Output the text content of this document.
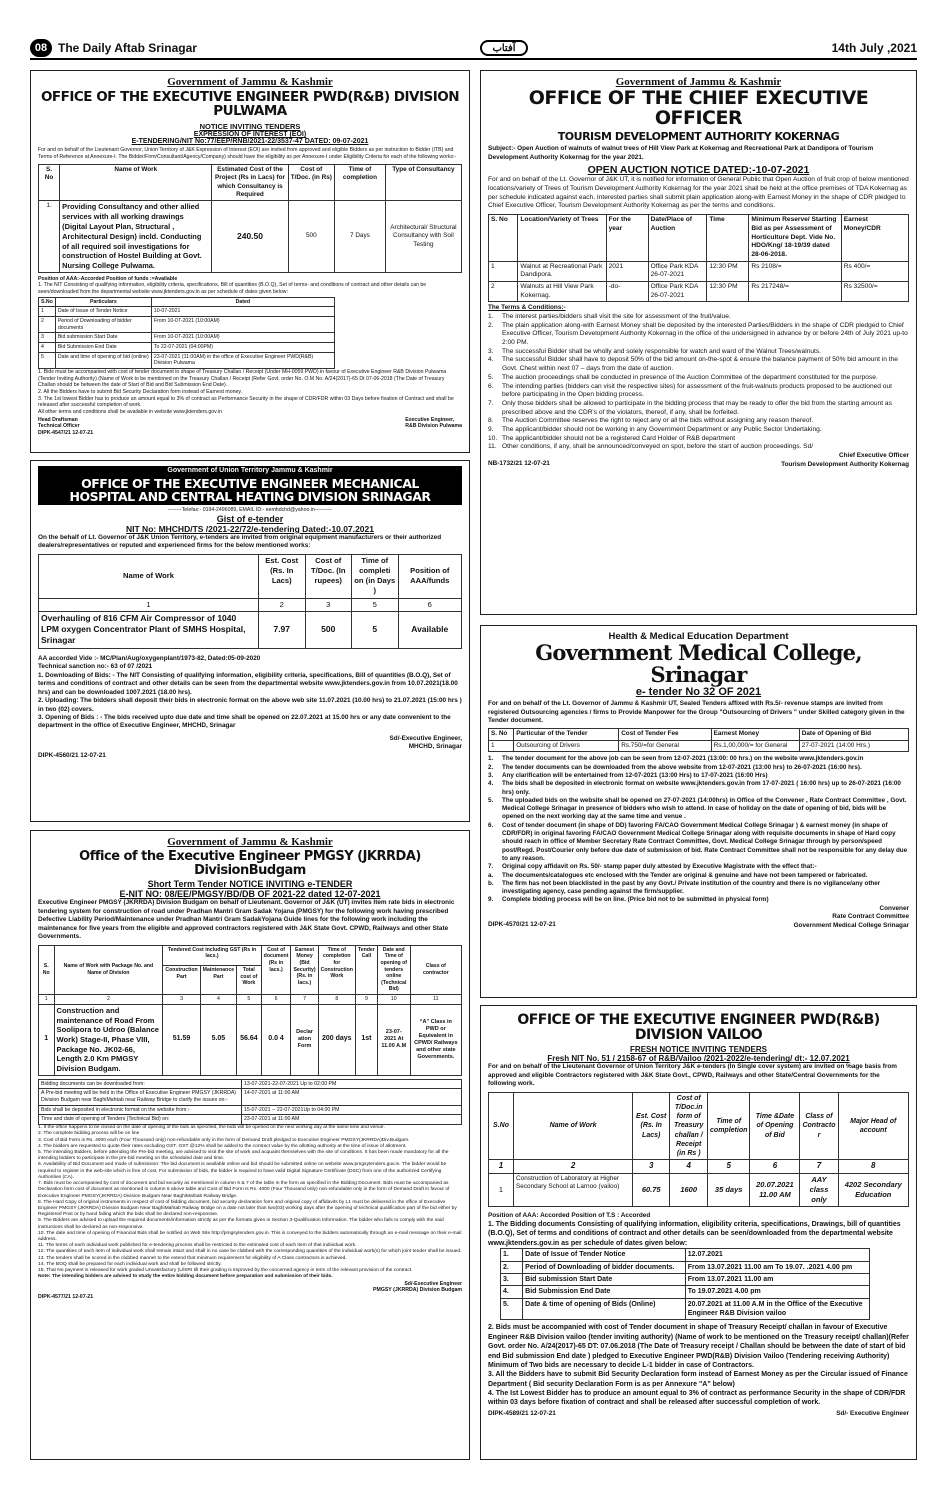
08 The Daily Aftab Srinagar	آفتاب	14th July ,2021
Government of Jammu & Kashmir
OFFICE OF THE EXECUTIVE ENGINEER PWD(R&B) DIVISION PULWAMA
NOTICE INVITING TENDERS
EXPRESSION OF INTEREST (EOI)
E-TENDERING/NIT No:77/EEP/RNB/2021-22/3537-47 DATED: 09-07-2021
For and on behalf of the Lieutenant Governor, Union Territory of J&K Expression of Interest (EOI) are invited from approved and eligible Bidders as per instruction to Bidder (ITB) and Terms of Reference at Annexure-I. The Bidder/Firm/Consultant/Agency/Company) should have the eligibility as per Annexure-I under Eligibility Criteria for each of the following works:-
S. No	Name of Work	Estimated Cost of the Project (Rs in Lacs) for which Consultancy is Required	Cost of T/Doc. (in Rs)	Time of completion	Type of Consultancy
1.	Providing Consultancy and other allied services with all working drawings (Digital Layout Plan, Structural , Architectural Design) incld. Conducting of all required soil investigations for construction of Hostel Building at Govt. Nursing College Pulwama.	240.50	500	7 Days	Architectural/ Structural Consultancy with Soil Testing
Position of AAA:-Accorded Position of funds :=Available
1. The NIT Consisting of qualifying information, eligibility criteria, specifications, Bill of quantities (B.O.Q), Set of terms- and conditions of contract and other details can be seen/downloaded from the departmental website www.jktenders.gov.in as per schedule of dates given below:
S.No	Particulars	Dated
1	Date of Issue of Tender Notice	10-07-2021
2	Period of Downloading of bidder documents	From 10-07-2021 (10:00AM)
3	Bid submission Start Date	From 10-07-2021 (10:00AM)
4	Bid Submission End Date	To 22-07-2021 (04:00PM)
5	Date and time of opening of bid (online)	23-07-2021 (11:00AM) in the office of Executive Engineer PWD(R&B) Division Pulwama
1. Bids must be accompanied with cost of tender document in shape of Treasury Challan / Receipt (Under MH-0059 PWD) in favour of Executive Engineer R&B Division Pulwama (Tender Inviting Authority) (Name of Work to be mentioned on the Treasury Challan / Receipt (Refer Govt. order No. O.M No. A/24(2017)-65 Dt 07-06-2018 (The Date of Treasury Challan should be between the date of Start of Bid and Bid Submission End Date).
2. All the Bidders have to submit Bid Security Declaration form instead of Earnest money.
3. The 1st lowest Bidder has to produce an amount equal to 3% of contract as Performance Security in the shape of CDR/FDR within 03 Days before fixation of Contract and shall be released after successful completion of work.
All other terms and conditions shall be available in website www.jktenders.gov.in
Head Draftsman
Technical Officer
Executive Engineer,
R&B Division Pulwama
DIPK-4547/21 12-07-21
Government of Union Territory Jammu & Kashmir
OFFICE OF THE EXECUTIVE ENGINEER MECHANICAL HOSPITAL AND CENTRAL HEATING DIVISION SRINAGAR
--------Telefax:- 0194-2496089, EMAIL ID:- eemhdchd@yahoo.in----------
Gist of e-tender
NIT No: MHCHD/TS /2021-22/72/e-tendering Dated:-10.07.2021
On the behalf of Lt. Governor of J&K Union Territory, e-tenders are invited from original equipment manufacturers or their authorized dealers/representatives or reputed and experienced firms for the below mentioned works:
Name of Work	Est. Cost (Rs. In Lacs)	Cost of T/Doc. (In rupees)	Time of completi on (in Days )	Position of AAA/funds
1	2	3	5	6
Overhauling of 816 CFM Air Compressor of 1040 LPM oxygen Concentrator Plant of SMHS Hospital, Srinagar	7.97	500	5	Available
AA accorded Vide :- MC/Plan/Aug/oxygenplant/1973-82, Dated:05-09-2020
Technical sanction no:- 63 of 07 /2021
1. Downloading of Bids: - The NIT Consisting of qualifying information, eligibility criteria, specifications, Bill of quantities (B.O.Q), Set of terms and conditions of contract and other details can be seen from the departmental website www.jktenders.gov.in from 10.07.2021(18.00 hrs) and can be downloaded 1007.2021 (18.00 hrs).
2. Uploading: The bidders shall deposit their bids in electronic format on the above web site 11.07.2021 (10.00 hrs) to 21.07.2021 (15:00 hrs ) in two (02) covers.
3. Opening of Bids : - The bids received upto due date and time shall be opened on 22.07.2021 at 15.00 hrs or any date convenient to the department in the office of Executive Engineer, MHCHD, Srinagar
Sd/-Executive Engineer,
MHCHD, Srinagar
DIPK-4560/21 12-07-21
Government of Jammu & Kashmir
Office of the Executive Engineer PMGSY (JKRRDA) DivisionBudgam
Short Term Tender NOTICE INVITING e-TENDER
E-NIT NO: 08/EE/PMGSY/BD/DB OF 2021-22 dated 12-07-2021
Executive Engineer PMGSY (JKRRDA) Division Budgam on behalf of Lieutenant. Governor of J&K (UT) invites Item rate bids in electronic tendering system for construction of road under Pradhan Mantri Gram Sadak Yojana (PMGSY) for the following work having prescribed Defective Liability Period/Maintenance under Pradhan Mantri Gram SadakYojana Guide lines for the following work including the maintenance for five years from the eligible and approved contractors registered with J&K State Govt. CPWD, Railways and other State Governments.
S. No	Name of Work with Package No. and Name of Division	Tendered Cost including GST (Rs in lacs.)			Cost of document (Rs in lacs.)	Earnest Money (Bid Security) (Rs. in lacs.)	Time of completion for Construction Work	Tender Call	Date and Time of opening of tenders online (Technical Bid)	Class of contractor
		Construction Part	Maintenance Part	Total cost of Work						
1	2	3	4	5	6	7	8	9	10	11
1	Construction and maintenance of Road From Soolipora to Udroo (Balance Work) Stage-II, Phase VIII, Package No. JK02-66, Length 2.0 Km PMGSY Division Budgam.	51.59	5.05	56.64	0.0 4	Declar ation Form	200 days	1st	23-07-2021 At 11.00 A.M	“A” Class in PWD or Equivalent in CPWD/ Railways and other state Governments.
Bidding documents can be downloaded from:	13-07-2021-22-07-2021 Up to 02:00 PM
A Pre-bid meeting will be held in the Office of Executive Engineer PMGSY (JKRRDA) Division Budgam near BaghiMahtab near Railway Bridge to clarify the issues on:-	14-07-2021 at 11:00 AM
Bids shall be deposited in electronic format on the website from:-	15-07-2021 -- 22-07-2021Up to 04:00 PM
Time and date of opening of Tenders (Technical Bid) on:	23-07-2021 at 11:00 AM
1. If the office happens to be closed on the date of opening of the bids as specified, the bids will be opened on the next working day at the same time and venue.
2. The complete bidding process will be on line
3. Cost of Bid Form is Rs. 4000 each (Four Thousand only) non-refundable only in the form of Demand Draft pledged to Executive Engineer PMGSY(JKRRDA)Div.Budgam.
4. The bidders are requested to quote their rates excluding GST. GST @12% shall be added to the contract value by the allotting authority at the time of issue of allotment.
5. The intending Bidders, before attending the Pre-bid meeting, are advised to visit the site of work and acquaint themselves with the site of conditions. It has been made mandatory for all the intending bidders to participate in the pre-bid meeting on the scheduled date and time.
6. Availability of Bid Document and mode of submission: The bid document is available online and bid should be submitted online on website www.pmgsytenders.gov.in. The bidder would be required to register in the web-site which is free of cost. For submission of bids, the bidder is required to have valid Digital Signature Certificate (DSC) from one of the authorized Certifying Authorities (CA).
7. Bids must be accompanied by cost of document and bid security as mentioned in column 6 & 7 of the table in the form as specified in the Bidding Document. Bids must be accompanied as Declaration form cost of document as mentioned in column 6 above table and Cost of Bid Form is Rs. 4000 (Four Thousand only) non-refundable only in the form of Demand Draft in favour of Executive Engineer PMGSY(JKRRDA) Division Budgam Near BaghiMahtab Railway Bridge.
8. The Hard Copy of original instruments in respect of cost of bidding document, bid security declaration form and original copy of affidavits by L1 must be delivered in the office of Executive Engineer PMGSY (JKRRDA) Division Budgam Near BaghiMahtab Railway Bridge on a date not later than two(03) working days after the opening of technical qualification part of the bid either by Registered Post or by hand failing which the bids shall be declared non-responsive.
9. The Bidders are advised to upload the required documents/information strictly as per the formats given in Section 3-Qualification Information. The bidder who fails to comply with the said instructions shall be declared as non-responsive.
10. The date and time of opening of Financial Bids shall be notified on Web Site http://pmgsytenders.gov.in. This is conveyed to the bidders automatically through an e-mail message on their e-mail address.
11. The terms of each individual work published for e-tendering process shall be restricted to the estimated cost of each item of that individual work.
12. The quantities of each item of individual work shall remain intact and shall in no case be clubbed with the corresponding quantities of the individual work(s) for which joint tender shall be issued.
13. The tenders shall be scored in the clubbed manner to the extend that minimum requirement for eligibility of A Class contractors is achieved.
14. The BOQ shall be prepared for each individual work and shall be followed strictly.
15. That No payment is released for work graded Unsatisfactory (U/SRI till their grading is improved by the concerned agency in term of the relevant provision of the contract.
Note: The intending bidders are advised to study the entire bidding document before preparation and submission of their bids.
Sd/-Executive Engineer
PMGSY (JKRRDA) Division Budgam
DIPK-4577/21 12-07-21
Government of Jammu & Kashmir
OFFICE OF THE CHIEF EXECUTIVE OFFICER
TOURISM DEVELOPMENT AUTHORITY KOKERNAG
Subject:- Open Auction of walnuts of walnut trees of Hill View Park at Kokernag and Recreational Park at Dandipora of Tourism Development Authority Kokernag for the year 2021.
OPEN AUCTION NOTICE DATED:-10-07-2021
For and on behalf of the Lt. Governor of J&K UT, it is notified for information of General Public that Open Auction of fruit crop of below mentioned locations/variety of Trees of Tourism Development Authority Kokernag for the year 2021 shall be held at the office premises of TDA Kokernag as per schedule indicated against each. Interested parties shall submit plain application along-with Earnest Money in the shape of CDR pledged to Chief Executive Officer, Tourism Development Authority Kokernag as per the terms and conditions.
S. No	Location/Variety of Trees	For the year	Date/Place of Auction	Time	Minimum Reserve/ Starting Bid as per Assessment of Horticulture Dept. Vide No. HDO/Kng/ 18-19/39 dated 28-06-2018.	Earnest Money/CDR
1	Walnut at Recreational Park Dandipora.	2021	Office Park KDA 26-07-2021	12:30 PM	Rs 2108/=	Rs 400/=
2	Walnuts at Hill View Park Kokernag.	-do-	Office Park KDA 26-07-2021	12:30 PM	Rs 217248/=	Rs 32500/=
The Terms & Conditions:-

1.	The interest parties/bidders shall visit the site for assessment of the fruit/value.

2.	The plain application along-with Earnest Money shall be deposited by the interested Parties/Bidders in the shape of CDR pledged to Chief Executive Officer, Tourism Development Authority Kokernag in the office of the undersigned in advance by or before 24th of July 2021 up-to 2:00 PM.

3.	The successful Bidder shall be wholly and solely responsible for watch and ward of the Walnut Trees/walnuts.

4.	The successful Bidder shall have to deposit 50% of the bid amount on-the-spot & ensure the balance payment of 50% bid amount in the Govt. Chest within next 07 – days from the date of auction.

5.	The auction proceedings shall be conducted in presence of the Auction Committee of the department constituted for the purpose.

6.	The intending parties (bidders can visit the respective sites) for assessment of the fruit-walnuts products proposed to be auctioned out before participating in the Open bidding process.

7.	Only those bidders shall be allowed to participate in the bidding process that may be ready to offer the bid from the starting amount as prescribed above and the CDR's of the violators, thereof, if any, shall be forfeited.

8.	The Auction Committee reserves the right to reject any or all the bids without assigning any reason thereof.

9.	The applicant/bidder should not be working in any Government Department or any Public Sector Undertaking.

10. The applicant/bidder should not be a registered Card Holder of R&B department

11. Other conditions, if any, shall be announced/conveyed on spot, before the start of auction proceedings. Sd/

Chief Executive Officer
Tourism Development Authority Kokernag
NB-1732/21 12-07-21
Health & Medical Education Department
Government Medical College, Srinagar
e- tender No 32 OF 2021
For and on behalf of the Lt. Governor of Jammu & Kashmir UT, Sealed Tenders affixed with Rs.5/- revenue stamps are invited from registered Outsourcing agencies / firms to Provide Manpower for the Group "Outsourcing of Drivers " under Skilled category given in the Tender document.
S. No	Particular of the Tender	Cost of Tender Fee	Earnest Money	Date of Opening of Bid
1	Outsourcing of Drivers	Rs.750/=for General	Rs.1,00,000/= for General	27-07-2021 (14:00 Hrs.)

1.	The tender document for the above job can be seen from 12-07-2021 (13:00: 00 hrs.) on the website www.jktenders.gov.in

2.	The tender documents can be downloaded from the above website from 12-07-2021 (13:00 hrs) to 26-07-2021 (16:00 hrs).

3.	Any clarification will be entertained from 12-07-2021 (13:00 Hrs) to 17-07-2021 (16:00 Hrs)

4.	The bids shall be deposited in electronic format on website www.jktenders.gov.in from 17-07-2021 ( 16:00 hrs) up to 26-07-2021 (16:00 hrs) only.

5.	The uploaded bids on the website shall be opened on 27-07-2021 (14:00hrs) in Office of the Convener , Rate Contract Committee , Govt. Medical College Srinagar in presence of bidders who wish to attend. In case of holiday on the date of opening of bid, bids will be opened on the next working day at the same time and venue .

6.	Cost of tender document (in shape of DD) favoring FA/CAO Government Medical College Srinagar ) & earnest money (in shape of CDR/FDR) in original favoring FA/CAO Government Medical College Srinagar along with requisite documents in shape of Hard copy should reach in office of Member Secretary Rate Contract Committee, Govt. Medical College Srinagar through by person/speed post/Regd. Post/Courier only before due date of submission of bid. Rate Contract Committee shall not be responsible for any delay due to any reason.

7.	Original copy affidavit on Rs. 50/- stamp paper duly attested by Executive Magistrate with the effect that:-

a.	The documents/catalogues etc enclosed with the Tender are original & genuine and have not been tampered or fabricated.

b.	The firm has not been blacklisted in the past by any Govt./ Private institution of the country and there is no vigilance/any other investigating agency, case pending against the firm/supplier.

9.	Complete bidding process will be on line. (Price bid not to be submitted in physical form)

Convener
Rate Contract Committee
Government Medical College Srinagar
DIPK-4570/21 12-07-21
OFFICE OF THE EXECUTIVE ENGINEER PWD(R&B) DIVISION VAILOO
FRESH NOTICE INVITING TENDERS
Fresh NIT No. 51 / 2158-67 of R&B/Vailoo /2021-2022/e-tendering/ dt:- 12.07.2021
For and on behalf of the Lieutenant Governor of Union Territory J&K e-tenders (In Single cover system) are invited on %age basis from approved and eligible Contractors registered with J&K State Govt., CPWD, Railways and other State/Central Governments for the following work.
S.No	Name of Work	Est. Cost (Rs. In Lacs)	Cost of T/Doc.in form of Treasury challan / Receipt (in Rs )	Time of completion	Time &Date of Opening of Bid	Class of Contracto r	Major Head of account
1	2	3	4	5	6	7	8
1	Construction of Laboratory at Higher Secondary School at Larnoo (vailoo)	60.75	1600	35 days	20.07.2021 11.00 AM	AAY class only	4202 Secondary Education
Position of AAA: Accorded Position of T.S : Accorded
1. The Bidding documents Consisting of qualifying information, eligibility criteria, specifications, Drawings, bill of quantities (B.O.Q), Set of terms and conditions of contract and other details can be seen/downloaded from the departmental website www.jktenders.gov.in as per schedule of dates given below:
1.	Date of Issue of Tender Notice	12.07.2021
2.	Period of Downloading of bidder documents.	From 13.07.2021 11.00 am To 19.07. .2021 4.00 pm
3.	Bid submission Start Date	From 13.07.2021 11.00 am
4.	Bid Submission End Date	To 19.07.2021 4.00 pm
5.	Date & time of opening of Bids (Online)	20.07.2021 at 11.00 A.M in the Office of the Executive Engineer R&B Division vailoo
2. Bids must be accompanied with cost of Tender document in shape of Treasury Receipt/ challan in favour of Executive Engineer R&B Division vailoo (tender inviting authority) (Name of work to be mentioned on the Treasury receipt/ challan)(Refer Govt. order No. A/24(2017)-65 DT: 07.06.2018 (The Date of Treasury receipt / Challan should be between the date of start of bid end Bid submission End date ) pledged to Executive Engineer PWD(R&B) Division Vailoo (Tendering receiving Authority) Minimum of Two bids are necessary to decide L-1 bidder in case of Contractors.
3. All the Bidders have to submit Bid Security Declaration form instead of Earnest Money as per the Circular issued of Finance Department ( Bid security Declaration Form is as per Annexure "A" below)
4. The Ist Lowest Bidder has to produce an amount equal to 3% of contract as performance Security in the shape of CDR/FDR within 03 days before fixation of contract and shall be released after successful completion of work.
DIPK-4589/21 12-07-21	Sd/- Executive Engineer
